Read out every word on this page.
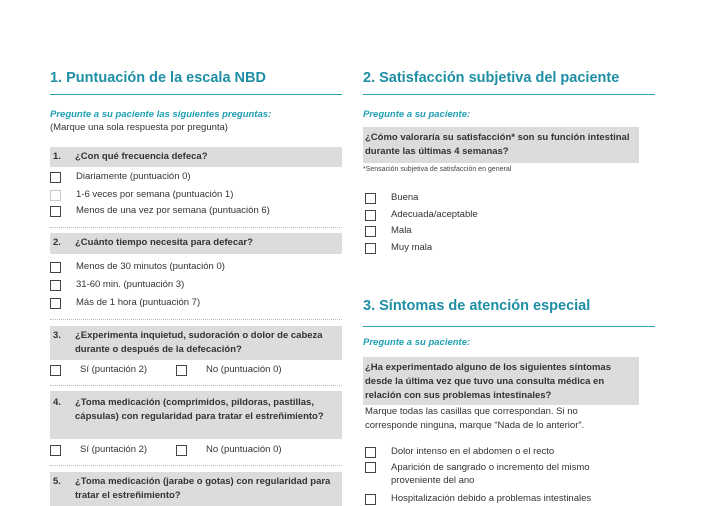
1. Puntuación de la escala NBD
Pregunte a su paciente las siguientes preguntas:
(Marque una sola respuesta por pregunta)
1. ¿Con qué frecuencia defeca?
Diariamente (puntuación 0)
1-6 veces por semana (puntuación 1)
Menos de una vez por semana (puntuación 6)
2. ¿Cuánto tiempo necesita para defecar?
Menos de 30 minutos (puntación 0)
31-60 min. (puntuación 3)
Más de 1 hora (puntuación 7)
3. ¿Experimenta inquietud, sudoración o dolor de cabeza durante o después de la defecación?
Sí (puntación 2)	No (puntuación 0)
4. ¿Toma medicación (comprimidos, píldoras, pastillas, cápsulas) con regularidad para tratar el estreñimiento?
Sí (puntación 2)	No (puntuación 0)
5. ¿Toma medicación (jarabe o gotas) con regularidad para tratar el estreñimiento?
2. Satisfacción subjetiva del paciente
Pregunte a su paciente:
¿Cómo valoraría su satisfacción* son su función intestinal durante las últimas 4 semanas?
*Sensación subjetiva de satisfacción en general
Buena
Adecuada/aceptable
Mala
Muy mala
3. Síntomas de atención especial
Pregunte a su paciente:
¿Ha experimentado alguno de los siguientes síntomas desde la última vez que tuvo una consulta médica en relación con sus problemas intestinales?
Marque todas las casillas que correspondan. Si no corresponde ninguna, marque “Nada de lo anterior”.
Dolor intenso en el abdomen o el recto
Aparición de sangrado o incremento del mismo proveniente del ano
Hospitalización debido a problemas intestinales
